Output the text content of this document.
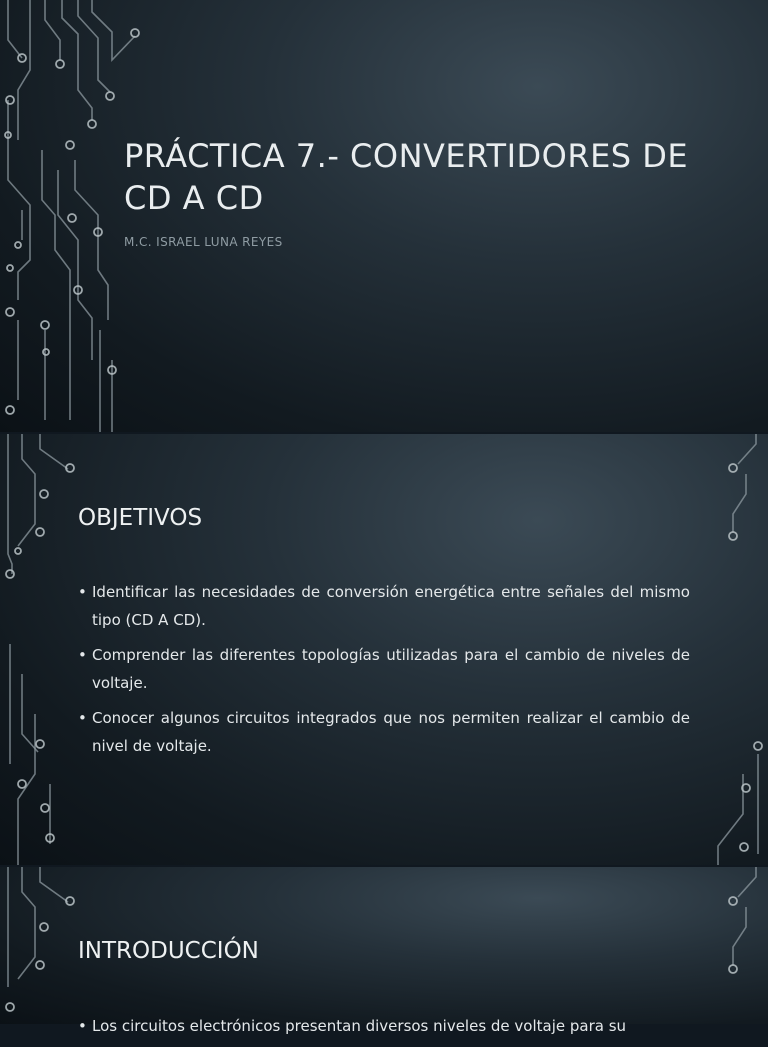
PRÁCTICA 7.- CONVERTIDORES DE
CD A CD
M.C. ISRAEL LUNA REYES
OBJETIVOS
• Identificar las necesidades de conversión energética entre señales del mismo tipo (CD A CD).
• Comprender las diferentes topologías utilizadas para el cambio de niveles de voltaje.
• Conocer algunos circuitos integrados que nos permiten realizar el cambio de nivel de voltaje.
INTRODUCCIÓN
• Los circuitos electrónicos presentan diversos niveles de voltaje para su
